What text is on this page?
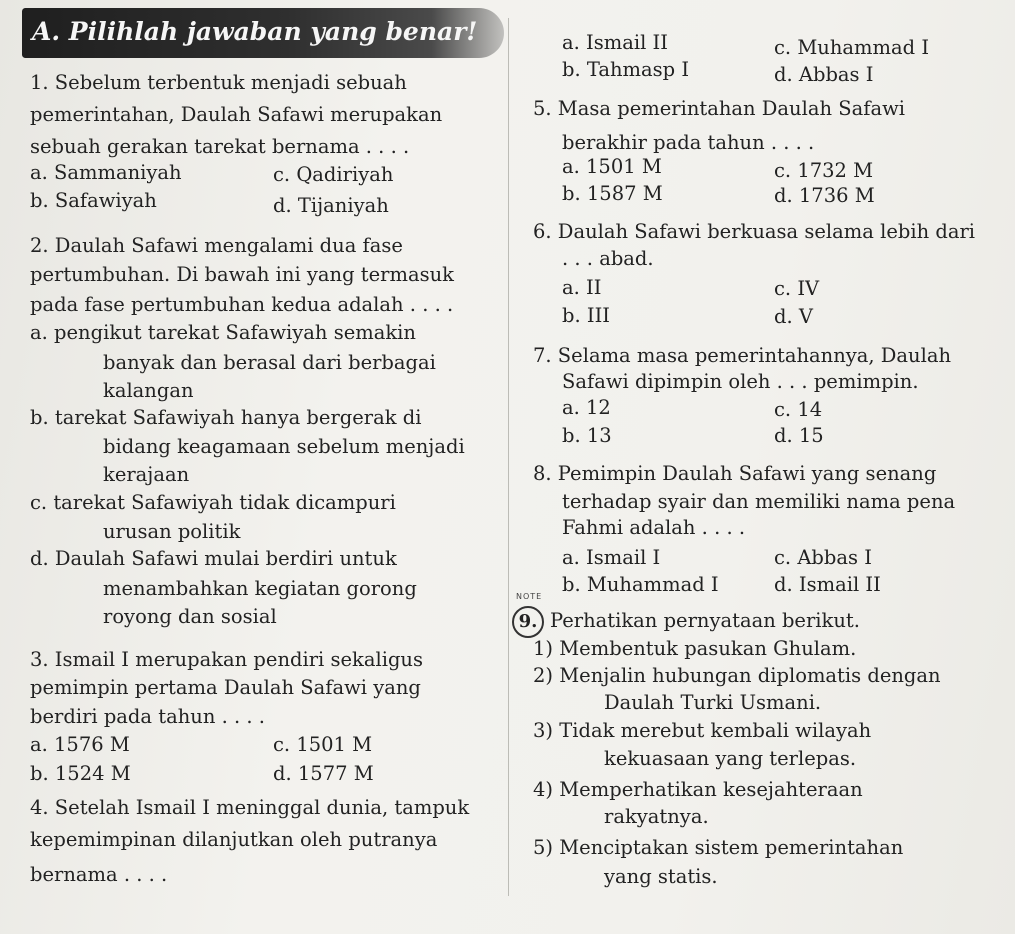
A. Pilihlah jawaban yang benar!
1. Sebelum terbentuk menjadi sebuah
pemerintahan, Daulah Safawi merupakan
sebuah gerakan tarekat bernama . . . .
a. Sammaniyah	c. Qadiriyah
b. Safawiyah	d. Tijaniyah
2. Daulah Safawi mengalami dua fase
pertumbuhan. Di bawah ini yang termasuk
pada fase pertumbuhan kedua adalah . . . .
a. pengikut tarekat Safawiyah semakin
banyak dan berasal dari berbagai
kalangan
b. tarekat Safawiyah hanya bergerak di
bidang keagamaan sebelum menjadi
kerajaan
c. tarekat Safawiyah tidak dicampuri
urusan politik
d. Daulah Safawi mulai berdiri untuk
menambahkan kegiatan gorong
royong dan sosial
3. Ismail I merupakan pendiri sekaligus
pemimpin pertama Daulah Safawi yang
berdiri pada tahun . . . .
a. 1576 M	c. 1501 M
b. 1524 M	d. 1577 M
4. Setelah Ismail I meninggal dunia, tampuk
kepemimpinan dilanjutkan oleh putranya
bernama . . . .
a. Ismail II	c. Muhammad I
b. Tahmasp I	d. Abbas I
5. Masa pemerintahan Daulah Safawi
berakhir pada tahun . . . .
a. 1501 M	c. 1732 M
b. 1587 M	d. 1736 M
6. Daulah Safawi berkuasa selama lebih dari
. . . abad.
a. II	c. IV
b. III	d. V
7. Selama masa pemerintahannya, Daulah
Safawi dipimpin oleh . . . pemimpin.
a. 12	c. 14
b. 13	d. 15
8. Pemimpin Daulah Safawi yang senang
terhadap syair dan memiliki nama pena
Fahmi adalah . . . .
a. Ismail I	c. Abbas I
b. Muhammad I	d. Ismail II
NOTE
9. Perhatikan pernyataan berikut.
1) Membentuk pasukan Ghulam.
2) Menjalin hubungan diplomatis dengan
Daulah Turki Usmani.
3) Tidak merebut kembali wilayah
kekuasaan yang terlepas.
4) Memperhatikan kesejahteraan
rakyatnya.
5) Menciptakan sistem pemerintahan
yang statis.
